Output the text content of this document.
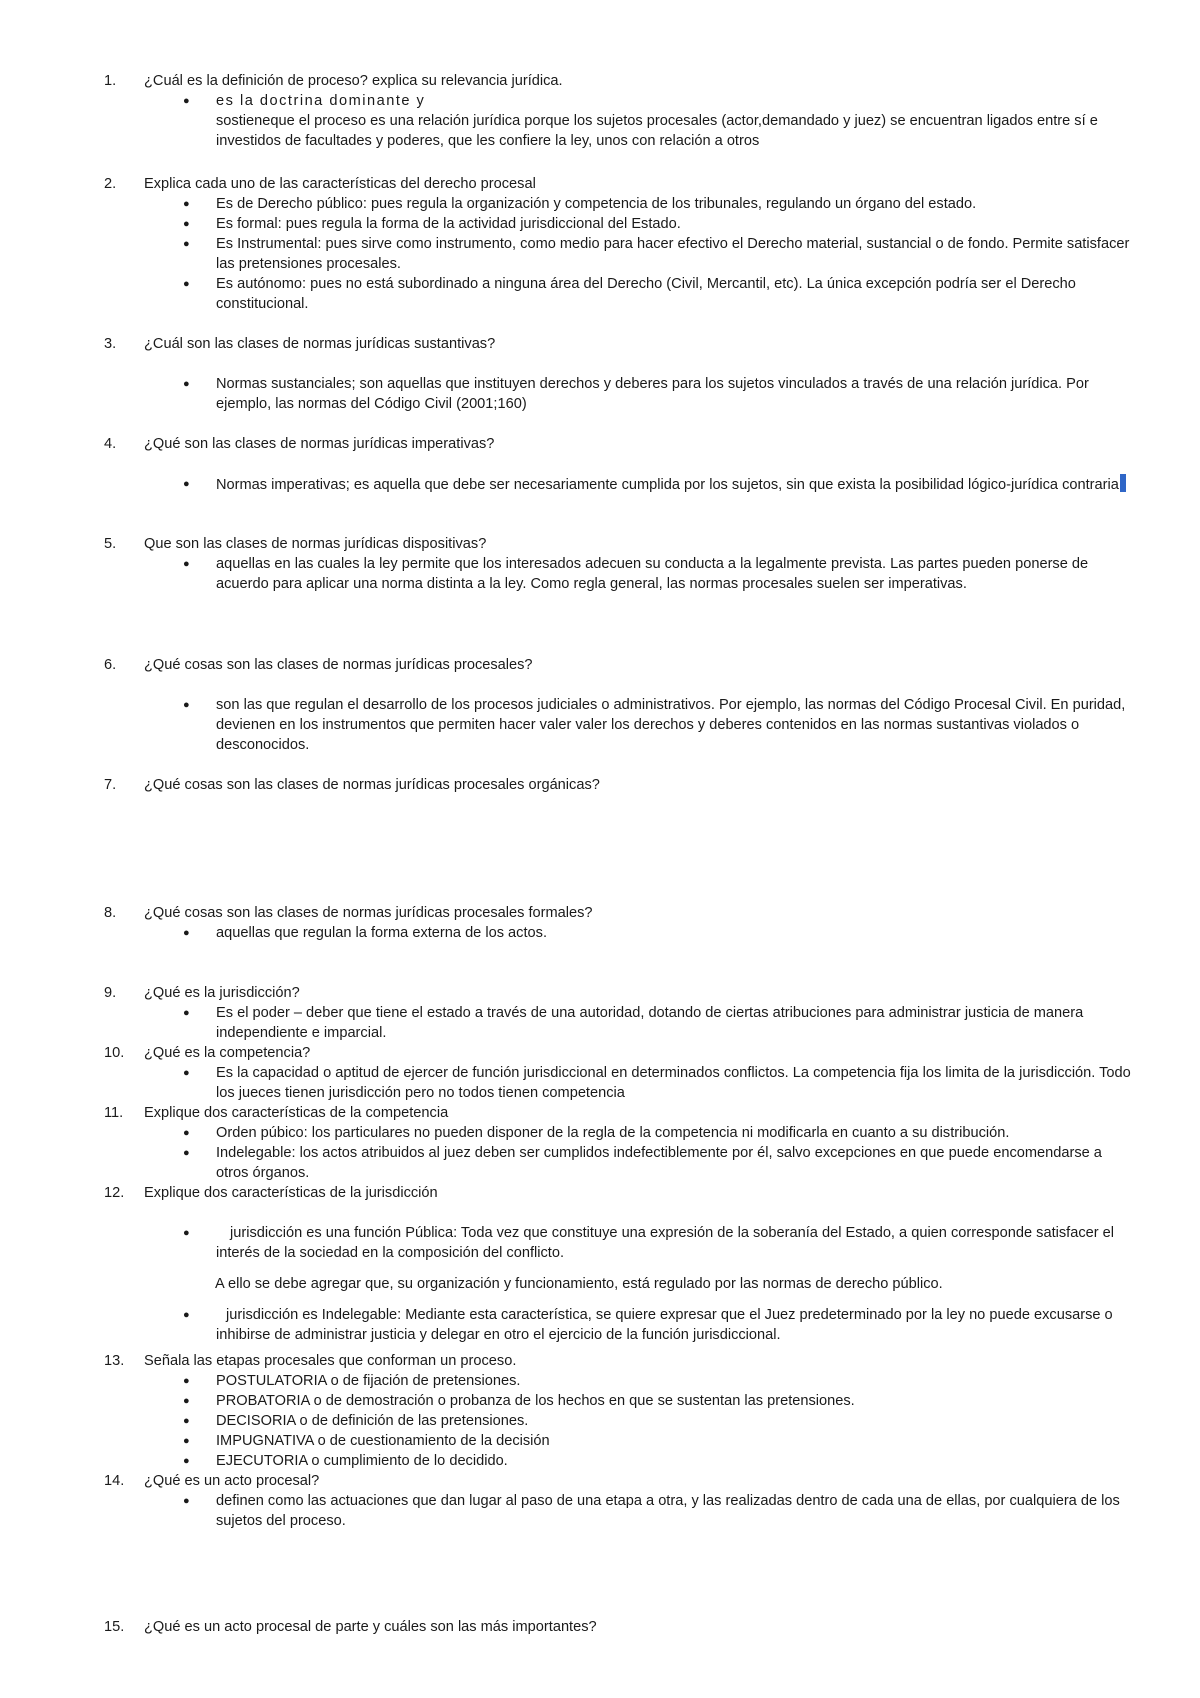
1.	¿Cuál es la definición de proceso? explica su relevancia jurídica.
● es la doctrina dominante y
sostieneque el proceso es una relación jurídica porque los sujetos procesales (actor,demandado y juez) se encuentran ligados entre sí e investidos de facultades y poderes, que les confiere la ley, unos con relación a otros
2.	Explica cada uno de las características del derecho procesal
● Es de Derecho público: pues regula la organización y competencia de los tribunales, regulando un órgano del estado.
● Es formal: pues regula la forma de la actividad jurisdiccional del Estado.
● Es Instrumental: pues sirve como instrumento, como medio para hacer efectivo el Derecho material, sustancial o de fondo. Permite satisfacer las pretensiones procesales.
● Es autónomo: pues no está subordinado a ninguna área del Derecho (Civil, Mercantil, etc). La única excepción podría ser el Derecho constitucional.
3.	¿Cuál son las clases de normas jurídicas sustantivas?
● Normas sustanciales; son aquellas que instituyen derechos y deberes para los sujetos vinculados a través de una relación jurídica. Por ejemplo, las normas del Código Civil (2001;160)
4.	¿Qué son las clases de normas jurídicas imperativas?
● Normas imperativas; es aquella que debe ser necesariamente cumplida por los sujetos, sin que exista la posibilidad lógico-jurídica contraria
5.	Que son las clases de normas jurídicas dispositivas?
● aquellas en las cuales la ley permite que los interesados adecuen su conducta a la legalmente prevista. Las partes pueden ponerse de acuerdo para aplicar una norma distinta a la ley. Como regla general, las normas procesales suelen ser imperativas.
6.	¿Qué cosas son las clases de normas jurídicas procesales?
● son las que regulan el desarrollo de los procesos judiciales o administrativos. Por ejemplo, las normas del Código Procesal Civil. En puridad, devienen en los instrumentos que permiten hacer valer valer los derechos y deberes contenidos en las normas sustantivas violados o desconocidos.
7.	¿Qué cosas son las clases de normas jurídicas procesales orgánicas?
8.	¿Qué cosas son las clases de normas jurídicas procesales formales?
● aquellas que regulan la forma externa de los actos.
9.	¿Qué es la jurisdicción?
● Es el poder – deber que tiene el estado a través de una autoridad, dotando de ciertas atribuciones para administrar justicia de manera independiente e imparcial.
10.	¿Qué es la competencia?
● Es la capacidad o aptitud de ejercer de función jurisdiccional en determinados conflictos. La competencia fija los limita de la jurisdicción. Todo los jueces tienen jurisdicción pero no todos tienen competencia
11.	Explique dos características de la competencia
● Orden púbico: los particulares no pueden disponer de la regla de la competencia ni modificarla en cuanto a su distribución.
● Indelegable: los actos atribuidos al juez deben ser cumplidos indefectiblemente por él, salvo excepciones en que puede encomendarse a otros órganos.
12.	Explique dos características de la jurisdicción
●	jurisdicción es una función Pública: Toda vez que constituye una expresión de la soberanía del Estado, a quien corresponde satisfacer el interés de la sociedad en la composición del conflicto.
● jurisdicción es Indelegable: Mediante esta característica, se quiere expresar que el Juez predeterminado por la ley no puede excusarse o inhibirse de administrar justicia y delegar en otro el ejercicio de la función jurisdiccional.
A ello se debe agregar que, su organización y funcionamiento, está regulado por las normas de derecho público.
13.	Señala las etapas procesales que conforman un proceso.
● POSTULATORIA o de fijación de pretensiones.
● PROBATORIA o de demostración o probanza de los hechos en que se sustentan las pretensiones.
● DECISORIA o de definición de las pretensiones.
● IMPUGNATIVA o de cuestionamiento de la decisión
● EJECUTORIA o cumplimiento de lo decidido.
14.	¿Qué es un acto procesal?
● definen como las actuaciones que dan lugar al paso de una etapa a otra, y las realizadas dentro de cada una de ellas, por cualquiera de los sujetos del proceso.
15.	¿Qué es un acto procesal de parte y cuáles son las más importantes?
